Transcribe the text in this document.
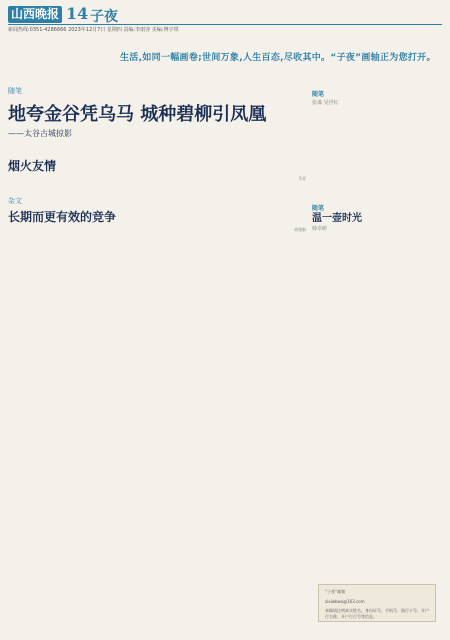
山西晚报 14 子夜
新闻热线:0351-4286666 2023年12月7日 星期四 责编:李雨容 美编:傅宇琪
生活,如同一幅画卷;世间万象,人生百态,尽收其中。“子夜”画轴正为您打开。
随笔
地夸金谷凭乌马 城种碧柳引凤凰
——太谷古城掠影
烟火友情
马亚
杂文
长期而更有效的竞争
胡建新
随笔
张谋 吴世红
随笔
温一壶时光
韩卓研
“子夜”邮箱
zixiwbwx@163.com
来稿请注明真实姓名、身份证号、手机号、银行卡号、开户行名称、开户行行号等信息。
